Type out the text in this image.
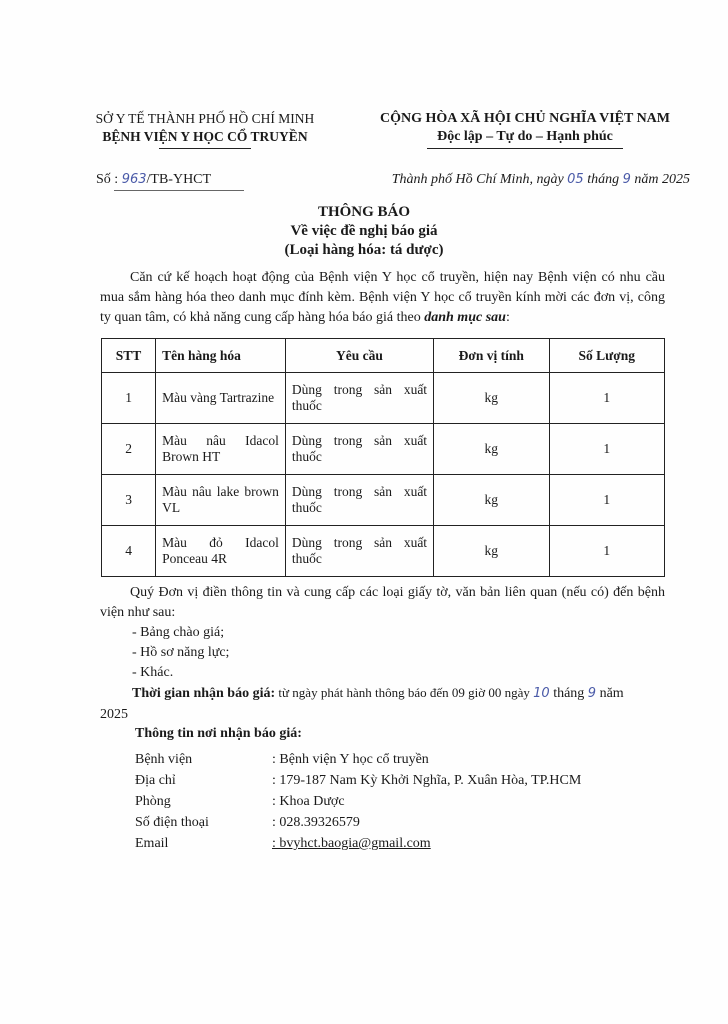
SỞ Y TẾ THÀNH PHỐ HỒ CHÍ MINH
BỆNH VIỆN Y HỌC CỔ TRUYỀN
CỘNG HÒA XÃ HỘI CHỦ NGHĨA VIỆT NAM
Độc lập – Tự do – Hạnh phúc
Số : 963/TB-YHCT	Thành phố Hồ Chí Minh, ngày 05 tháng 9 năm 2025
THÔNG BÁO
Về việc đề nghị báo giá
(Loại hàng hóa: tá dược)
Căn cứ kế hoạch hoạt động của Bệnh viện Y học cổ truyền, hiện nay Bệnh viện có nhu cầu mua sắm hàng hóa theo danh mục đính kèm. Bệnh viện Y học cổ truyền kính mời các đơn vị, công ty quan tâm, có khả năng cung cấp hàng hóa báo giá theo danh mục sau:
STT	Tên hàng hóa	Yêu cầu	Đơn vị tính	Số Lượng
1	Màu vàng Tartrazine	Dùng trong sản xuất thuốc	kg	1
2	Màu nâu Idacol Brown HT	Dùng trong sản xuất thuốc	kg	1
3	Màu nâu lake brown VL	Dùng trong sản xuất thuốc	kg	1
4	Màu đỏ Idacol Ponceau 4R	Dùng trong sản xuất thuốc	kg	1
Quý Đơn vị điền thông tin và cung cấp các loại giấy tờ, văn bản liên quan (nếu có) đến bệnh viện như sau:
- Bảng chào giá;
- Hồ sơ năng lực;
- Khác.
Thời gian nhận báo giá: từ ngày phát hành thông báo đến 09 giờ 00 ngày 10 tháng 9 năm
2025
Thông tin nơi nhận báo giá:
Bệnh viện	: Bệnh viện Y học cổ truyền
Địa chỉ	: 179-187 Nam Kỳ Khởi Nghĩa, P. Xuân Hòa, TP.HCM
Phòng	: Khoa Dược
Số điện thoại	: 028.39326579
Email	: bvyhct.baogia@gmail.com
